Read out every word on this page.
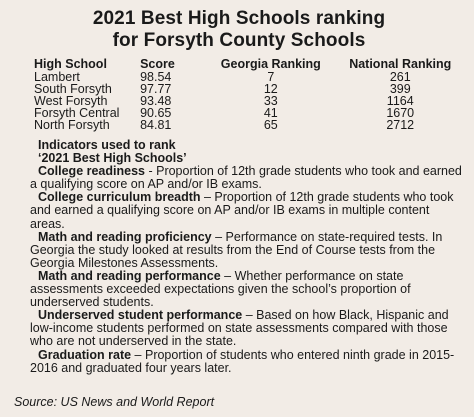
2021 Best High Schools ranking
for Forsyth County Schools
High School	Score	Georgia Ranking	National Ranking
Lambert	98.54	7	261
South Forsyth	97.77	12	399
West Forsyth	93.48	33	1164
Forsyth Central	90.65	41	1670
North Forsyth	84.81	65	2712
Indicators used to rank
‘2021 Best High Schools’

College readiness - Proportion of 12th grade students who took and earned a qualifying score on AP and/or IB exams.

College curriculum breadth – Proportion of 12th grade students who took and earned a qualifying score on AP and/or IB exams in multiple content areas.

Math and reading proficiency – Performance on state-required tests. In Georgia the study looked at results from the End of Course tests from the Georgia Milestones Assessments.

Math and reading performance – Whether performance on state assessments exceeded expectations given the school’s proportion of underserved students.

Underserved student performance – Based on how Black, Hispanic and low-income students performed on state assessments compared with those who are not underserved in the state.

Graduation rate – Proportion of students who entered ninth grade in 2015-2016 and graduated four years later.

Source: US News and World Report
